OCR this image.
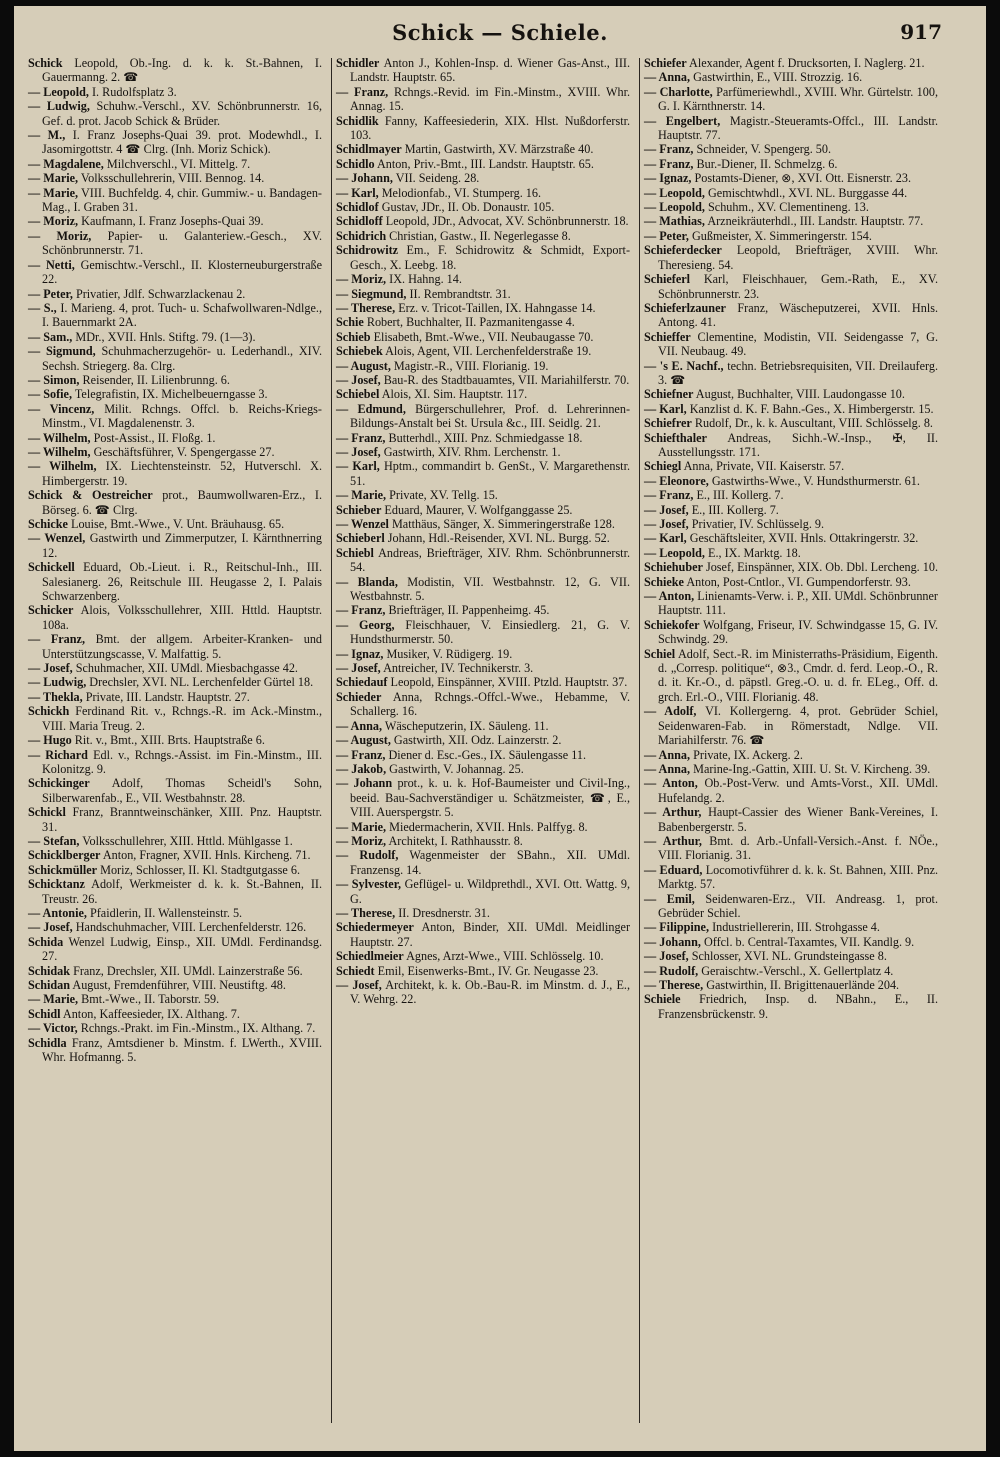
Schick — Schiele.	917
Schick Leopold, Ob.-Ing. d. k. k. St.-Bahnen, I. Gauermanng. 2. ☎
— Leopold, I. Rudolfsplatz 3.
— Ludwig, Schuhw.-Verschl., XV. Schönbrunnerstr. 16, Gef. d. prot. Jacob Schick & Brüder.
— M., I. Franz Josephs-Quai 39. prot. Modewhdl., I. Jasomirgottstr. 4 ☎ Clrg. (Inh. Moriz Schick).
— Magdalene, Milchverschl., VI. Mittelg. 7.
— Marie, Volksschullehrerin, VIII. Bennog. 14.
— Marie, VIII. Buchfeldg. 4, chir. Gummiw.- u. Bandagen-Mag., I. Graben 31.
— Moriz, Kaufmann, I. Franz Josephs-Quai 39.
— Moriz, Papier- u. Galanteriew.-Gesch., XV. Schönbrunnerstr. 71.
— Netti, Gemischtw.-Verschl., II. Klosterneuburgerstraße 22.
— Peter, Privatier, Jdlf. Schwarzlackenau 2.
— S., I. Marieng. 4, prot. Tuch- u. Schafwollwaren-Ndlge., I. Bauernmarkt 2A.
— Sam., MDr., XVII. Hnls. Stiftg. 79. (1—3).
— Sigmund, Schuhmacherzugehör- u. Lederhandl., XIV. Sechsh. Striegerg. 8a. Clrg.
— Simon, Reisender, II. Lilienbrunng. 6.
— Sofie, Telegrafistin, IX. Michelbeuerngasse 3.
— Vincenz, Milit. Rchngs. Offcl. b. Reichs-Kriegs-Minstm., VI. Magdalenenstr. 3.
— Wilhelm, Post-Assist., II. Floßg. 1.
— Wilhelm, Geschäftsführer, V. Spengergasse 27.
— Wilhelm, IX. Liechtensteinstr. 52, Hutverschl. X. Himbergerstr. 19.
Schick & Oestreicher prot., Baumwollwaren-Erz., I. Börseg. 6. ☎ Clrg.
Schicke Louise, Bmt.-Wwe., V. Unt. Bräuhausg. 65.
— Wenzel, Gastwirth und Zimmerputzer, I. Kärnthnerring 12.
Schickell Eduard, Ob.-Lieut. i. R., Reitschul-Inh., III. Salesianerg. 26, Reitschule III. Heugasse 2, I. Palais Schwarzenberg.
Schicker Alois, Volksschullehrer, XIII. Httld. Hauptstr. 108a.
— Franz, Bmt. der allgem. Arbeiter-Kranken- und Unterstützungscasse, V. Malfattig. 5.
— Josef, Schuhmacher, XII. UMdl. Miesbachgasse 42.
— Ludwig, Drechsler, XVI. NL. Lerchenfelder Gürtel 18.
— Thekla, Private, III. Landstr. Hauptstr. 27.
Schickh Ferdinand Rit. v., Rchngs.-R. im Ack.-Minstm., VIII. Maria Treug. 2.
— Hugo Rit. v., Bmt., XIII. Brts. Hauptstraße 6.
— Richard Edl. v., Rchngs.-Assist. im Fin.-Minstm., III. Kolonitzg. 9.
Schickinger Adolf, Thomas Scheidl's Sohn, Silberwarenfab., E., VII. Westbahnstr. 28.
Schickl Franz, Branntweinschänker, XIII. Pnz. Hauptstr. 31.
— Stefan, Volksschullehrer, XIII. Httld. Mühlgasse 1.
Schicklberger Anton, Fragner, XVII. Hnls. Kircheng. 71.
Schickmüller Moriz, Schlosser, II. Kl. Stadtgutgasse 6.
Schicktanz Adolf, Werkmeister d. k. k. St.-Bahnen, II. Treustr. 26.
— Antonie, Pfaidlerin, II. Wallensteinstr. 5.
— Josef, Handschuhmacher, VIII. Lerchenfelderstr. 126.
Schida Wenzel Ludwig, Einsp., XII. UMdl. Ferdinandsg. 27.
Schidak Franz, Drechsler, XII. UMdl. Lainzerstraße 56.
Schidan August, Fremdenführer, VIII. Neustiftg. 48.
— Marie, Bmt.-Wwe., II. Taborstr. 59.
Schidl Anton, Kaffeesieder, IX. Althang. 7.
— Victor, Rchngs.-Prakt. im Fin.-Minstm., IX. Althang. 7.
Schidla Franz, Amtsdiener b. Minstm. f. LWerth., XVIII. Whr. Hofmanng. 5.
Schidler Anton J., Kohlen-Insp. d. Wiener Gas-Anst., III. Landstr. Hauptstr. 65.
— Franz, Rchngs.-Revid. im Fin.-Minstm., XVIII. Whr. Annag. 15.
Schidlik Fanny, Kaffeesiederin, XIX. Hlst. Nußdorferstr. 103.
Schidlmayer Martin, Gastwirth, XV. Märzstraße 40.
Schidlo Anton, Priv.-Bmt., III. Landstr. Hauptstr. 65.
— Johann, VII. Seideng. 28.
— Karl, Melodionfab., VI. Stumperg. 16.
Schidlof Gustav, JDr., II. Ob. Donaustr. 105.
Schidloff Leopold, JDr., Advocat, XV. Schönbrunnerstr. 18.
Schidrich Christian, Gastw., II. Negerlegasse 8.
Schidrowitz Em., F. Schidrowitz & Schmidt, Export-Gesch., X. Leebg. 18.
— Moriz, IX. Hahng. 14.
— Siegmund, II. Rembrandtstr. 31.
— Therese, Erz. v. Tricot-Taillen, IX. Hahngasse 14.
Schie Robert, Buchhalter, II. Pazmanitengasse 4.
Schieb Elisabeth, Bmt.-Wwe., VII. Neubaugasse 70.
Schiebek Alois, Agent, VII. Lerchenfelderstraße 19.
— August, Magistr.-R., VIII. Florianig. 19.
— Josef, Bau-R. des Stadtbauamtes, VII. Mariahilferstr. 70.
Schiebel Alois, XI. Sim. Hauptstr. 117.
— Edmund, Bürgerschullehrer, Prof. d. Lehrerinnen-Bildungs-Anstalt bei St. Ursula &c., III. Seidlg. 21.
— Franz, Butterhdl., XIII. Pnz. Schmiedgasse 18.
— Josef, Gastwirth, XIV. Rhm. Lerchenstr. 1.
— Karl, Hptm., commandirt b. GenSt., V. Margarethenstr. 51.
— Marie, Private, XV. Tellg. 15.
Schieber Eduard, Maurer, V. Wolfganggasse 25.
— Wenzel Matthäus, Sänger, X. Simmeringerstraße 128.
Schieberl Johann, Hdl.-Reisender, XVI. NL. Burgg. 52.
Schiebl Andreas, Briefträger, XIV. Rhm. Schönbrunnerstr. 54.
— Blanda, Modistin, VII. Westbahnstr. 12, G. VII. Westbahnstr. 5.
— Franz, Briefträger, II. Pappenheimg. 45.
— Georg, Fleischhauer, V. Einsiedlerg. 21, G. V. Hundsthurmerstr. 50.
— Ignaz, Musiker, V. Rüdigerg. 19.
— Josef, Antreicher, IV. Technikerstr. 3.
Schiedauf Leopold, Einspänner, XVIII. Ptzld. Hauptstr. 37.
Schieder Anna, Rchngs.-Offcl.-Wwe., Hebamme, V. Schallerg. 16.
— Anna, Wäscheputzerin, IX. Säuleng. 11.
— August, Gastwirth, XII. Odz. Lainzerstr. 2.
— Franz, Diener d. Esc.-Ges., IX. Säulengasse 11.
— Jakob, Gastwirth, V. Johannag. 25.
— Johann prot., k. u. k. Hof-Baumeister und Civil-Ing., beeid. Bau-Sachverständiger u. Schätzmeister, ☎, E., VIII. Auerspergstr. 5.
— Marie, Miedermacherin, XVII. Hnls. Palffyg. 8.
— Moriz, Architekt, I. Rathhausstr. 8.
— Rudolf, Wagenmeister der SBahn., XII. UMdl. Franzensg. 14.
— Sylvester, Geflügel- u. Wildprethdl., XVI. Ott. Wattg. 9, G.
— Therese, II. Dresdnerstr. 31.
Schiedermeyer Anton, Binder, XII. UMdl. Meidlinger Hauptstr. 27.
Schiedlmeier Agnes, Arzt-Wwe., VIII. Schlösselg. 10.
Schiedt Emil, Eisenwerks-Bmt., IV. Gr. Neugasse 23.
— Josef, Architekt, k. k. Ob.-Bau-R. im Minstm. d. J., E., V. Wehrg. 22.
Schiefer Alexander, Agent f. Drucksorten, I. Naglerg. 21.
— Anna, Gastwirthin, E., VIII. Strozzig. 16.
— Charlotte, Parfümeriewhdl., XVIII. Whr. Gürtelstr. 100, G. I. Kärnthnerstr. 14.
— Engelbert, Magistr.-Steueramts-Offcl., III. Landstr. Hauptstr. 77.
— Franz, Schneider, V. Spengerg. 50.
— Franz, Bur.-Diener, II. Schmelzg. 6.
— Ignaz, Postamts-Diener, ⊗, XVI. Ott. Eisnerstr. 23.
— Leopold, Gemischtwhdl., XVI. NL. Burggasse 44.
— Leopold, Schuhm., XV. Clementineng. 13.
— Mathias, Arzneikräuterhdl., III. Landstr. Hauptstr. 77.
— Peter, Gußmeister, X. Simmeringerstr. 154.
Schieferdecker Leopold, Briefträger, XVIII. Whr. Theresieng. 54.
Schieferl Karl, Fleischhauer, Gem.-Rath, E., XV. Schönbrunnerstr. 23.
Schieferlzauner Franz, Wäscheputzerei, XVII. Hnls. Antong. 41.
Schieffer Clementine, Modistin, VII. Seidengasse 7, G. VII. Neubaug. 49.
— 's E. Nachf., techn. Betriebsrequisiten, VII. Dreilauferg. 3. ☎
Schiefner August, Buchhalter, VIII. Laudongasse 10.
— Karl, Kanzlist d. K. F. Bahn.-Ges., X. Himbergerstr. 15.
Schiefrer Rudolf, Dr., k. k. Auscultant, VIII. Schlösselg. 8.
Schiefthaler Andreas, Sichh.-W.-Insp., ✠, II. Ausstellungsstr. 171.
Schiegl Anna, Private, VII. Kaiserstr. 57.
— Eleonore, Gastwirths-Wwe., V. Hundsthurmerstr. 61.
— Franz, E., III. Kollerg. 7.
— Josef, E., III. Kollerg. 7.
— Josef, Privatier, IV. Schlüsselg. 9.
— Karl, Geschäftsleiter, XVII. Hnls. Ottakringerstr. 32.
— Leopold, E., IX. Marktg. 18.
Schiehuber Josef, Einspänner, XIX. Ob. Dbl. Lercheng. 10.
Schieke Anton, Post-Cntlor., VI. Gumpendorferstr. 93.
— Anton, Linienamts-Verw. i. P., XII. UMdl. Schönbrunner Hauptstr. 111.
Schiekofer Wolfgang, Friseur, IV. Schwindgasse 15, G. IV. Schwindg. 29.
Schiel Adolf, Sect.-R. im Ministerraths-Präsidium, Eigenth. d. „Corresp. politique“, ⊗3., Cmdr. d. ferd. Leop.-O., R. d. it. Kr.-O., d. päpstl. Greg.-O. u. d. fr. ELeg., Off. d. grch. Erl.-O., VIII. Florianig. 48.
— Adolf, VI. Kollergerng. 4, prot. Gebrüder Schiel, Seidenwaren-Fab. in Römerstadt, Ndlge. VII. Mariahilferstr. 76. ☎
— Anna, Private, IX. Ackerg. 2.
— Anna, Marine-Ing.-Gattin, XIII. U. St. V. Kircheng. 39.
— Anton, Ob.-Post-Verw. und Amts-Vorst., XII. UMdl. Hufelandg. 2.
— Arthur, Haupt-Cassier des Wiener Bank-Vereines, I. Babenbergerstr. 5.
— Arthur, Bmt. d. Arb.-Unfall-Versich.-Anst. f. NÖe., VIII. Florianig. 31.
— Eduard, Locomotivführer d. k. k. St. Bahnen, XIII. Pnz. Marktg. 57.
— Emil, Seidenwaren-Erz., VII. Andreasg. 1, prot. Gebrüder Schiel.
— Filippine, Industriellererin, III. Strohgasse 4.
— Johann, Offcl. b. Central-Taxamtes, VII. Kandlg. 9.
— Josef, Schlosser, XVI. NL. Grundsteingasse 8.
— Rudolf, Geraischtw.-Verschl., X. Gellertplatz 4.
— Therese, Gastwirthin, II. Brigittenauerlände 204.
Schiele Friedrich, Insp. d. NBahn., E., II. Franzensbrückenstr. 9.
